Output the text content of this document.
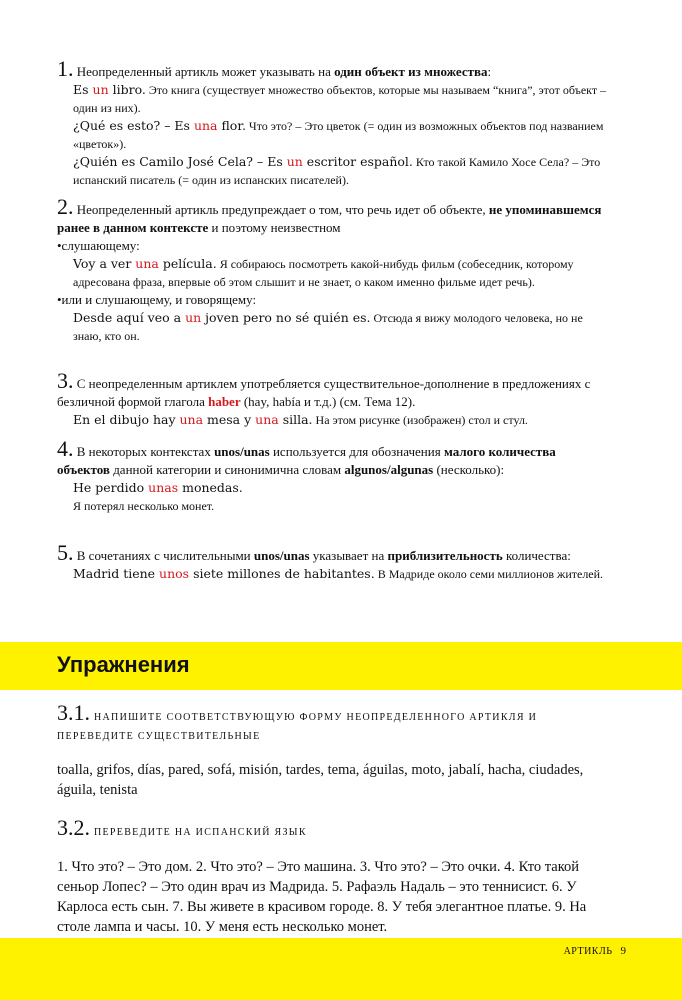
1. Неопределенный артикль может указывать на один объект из множества:

Es un libro. Это книга (существует множество объектов, которые мы называем “книга”, этот объект – один из них).

¿Qué es esto? – Es una flor. Что это? – Это цветок (= один из возможных объектов под названием «цветок»).

¿Quién es Camilo José Cela? – Es un escritor español. Кто такой Камило Хосе Села? – Это испанский писатель (= один из испанских писателей).

2. Неопределенный артикль предупреждает о том, что речь идет об объекте, не упоминавшемся ранее в данном контексте и поэтому неизвестном

•слушающему:

Voy a ver una película. Я собираюсь посмотреть какой-нибудь фильм (собеседник, которому адресована фраза, впервые об этом слышит и не знает, о каком именно фильме идет речь).

•или и слушающему, и говорящему:

Desde aquí veo a un joven pero no sé quién es. Отсюда я вижу молодого человека, но не знаю, кто он.

3. С неопределенным артиклем употребляется существительное-дополнение в предложениях с безличной формой глагола haber (hay, había и т.д.) (см. Тема 12).

En el dibujo hay una mesa y una silla. На этом рисунке (изображен) стол и стул.

4. В некоторых контекстах unos/unas используется для обозначения малого количества объектов данной категории и синонимична словам algunos/algunas (несколько):

He perdido unas monedas.

Я потерял несколько монет.

5. В сочетаниях с числительными unos/unas указывает на приблизительность количества:

Madrid tiene unos siete millones de habitantes. В Мадриде около семи миллионов жителей.

Упражнения
3.1. НАПИШИТЕ СООТВЕТСТВУЮЩУЮ ФОРМУ НЕОПРЕДЕЛЕННОГО АРТИКЛЯ И ПЕРЕВЕДИТЕ СУЩЕСТВИТЕЛЬНЫЕ
toalla, grifos, días, pared, sofá, misión, tardes, tema, águilas, moto, jabalí, hacha, ciudades, águila, tenista
3.2. ПЕРЕВЕДИТЕ НА ИСПАНСКИЙ ЯЗЫК
1. Что это? – Это дом. 2. Что это? – Это машина. 3. Что это? – Это очки. 4. Кто такой сеньор Лопес? – Это один врач из Мадрида. 5. Рафаэль Надаль – это теннисист. 6. У Карлоса есть сын. 7. Вы живете в красивом городе. 8. У тебя элегантное платье. 9. На столе лампа и часы. 10. У меня есть несколько монет.
АРТИКЛЬ 9
